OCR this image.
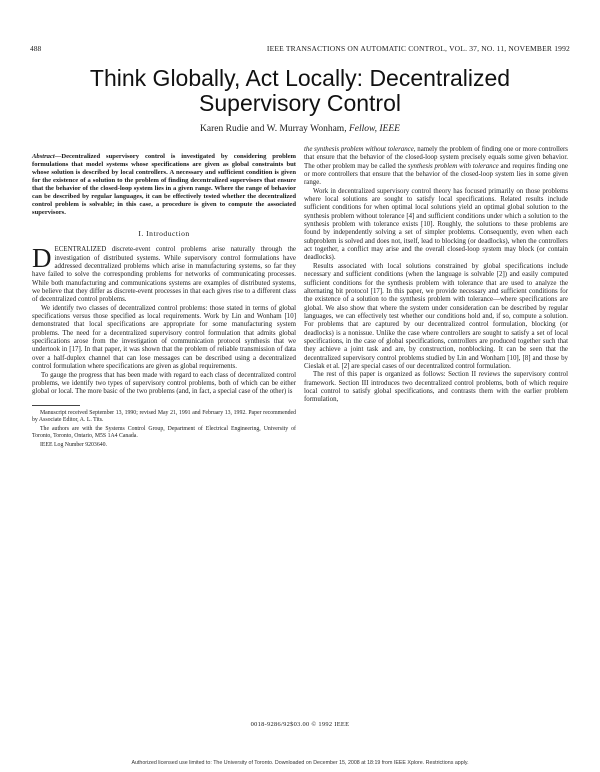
488	IEEE TRANSACTIONS ON AUTOMATIC CONTROL, VOL. 37, NO. 11, NOVEMBER 1992
Think Globally, Act Locally: Decentralized
Supervisory Control
Karen Rudie and W. Murray Wonham, Fellow, IEEE

Abstract—Decentralized supervisory control is investigated by considering problem formulations that model systems whose specifications are given as global constraints but whose solution is described by local controllers. A necessary and sufficient condition is given for the existence of a solution to the problem of finding decentralized supervisors that ensure that the behavior of the closed-loop system lies in a given range. Where the range of behavior can be described by regular languages, it can be effectively tested whether the decentralized control problem is solvable; in this case, a procedure is given to compute the associated supervisors.

I. Introduction

DECENTRALIZED discrete-event control problems arise naturally through the investigation of distributed systems. While supervisory control formulations have addressed decentralized problems which arise in manufacturing systems, so far they have failed to solve the corresponding problems for networks of communicating processes. While both manufacturing and communications systems are examples of distributed systems, we believe that they differ as discrete-event processes in that each gives rise to a different class of decentralized control problems.

We identify two classes of decentralized control problems: those stated in terms of global specifications versus those specified as local requirements. Work by Lin and Wonham [10] demonstrated that local specifications are appropriate for some manufacturing system problems. The need for a decentralized supervisory control formulation that admits global specifications arose from the investigation of communication protocol synthesis that we undertook in [17]. In that paper, it was shown that the problem of reliable transmission of data over a half-duplex channel that can lose messages can be described using a decentralized control formulation where specifications are given as global requirements.

To gauge the progress that has been made with regard to each class of decentralized control problems, we identify two types of supervisory control problems, both of which can be either global or local. The more basic of the two problems (and, in fact, a special case of the other) is

Manuscript received September 13, 1990; revised May 21, 1991 and February 13, 1992. Paper recommended by Associate Editor, A. L. Tits.

The authors are with the Systems Control Group, Department of Electrical Engineering, University of Toronto, Toronto, Ontario, M5S 1A4 Canada.

IEEE Log Number 9203640.

the synthesis problem without tolerance, namely the problem of finding one or more controllers that ensure that the behavior of the closed-loop system precisely equals some given behavior. The other problem may be called the synthesis problem with tolerance and requires finding one or more controllers that ensure that the behavior of the closed-loop system lies in some given range.

Work in decentralized supervisory control theory has focused primarily on those problems where local solutions are sought to satisfy local specifications. Related results include sufficient conditions for when optimal local solutions yield an optimal global solution to the synthesis problem without tolerance [4] and sufficient conditions under which a solution to the synthesis problem with tolerance exists [10]. Roughly, the solutions to these problems are found by independently solving a set of simpler problems. Consequently, even when each subproblem is solved and does not, itself, lead to blocking (or deadlocks), when the controllers act together, a conflict may arise and the overall closed-loop system may block (or contain deadlocks).

Results associated with local solutions constrained by global specifications include necessary and sufficient conditions (when the language is solvable [2]) and easily computed sufficient conditions for the synthesis problem with tolerance that are used to analyze the alternating bit protocol [17]. In this paper, we provide necessary and sufficient conditions for the existence of a solution to the synthesis problem with tolerance—where specifications are global. We also show that where the system under consideration can be described by regular languages, we can effectively test whether our conditions hold and, if so, compute a solution. For problems that are captured by our decentralized control formulation, blocking (or deadlocks) is a nonissue. Unlike the case where controllers are sought to satisfy a set of local specifications, in the case of global specifications, controllers are produced together such that they achieve a joint task and are, by construction, nonblocking. It can be seen that the decentralized supervisory control problems studied by Lin and Wonham [10], [8] and those by Cieslak et al. [2] are special cases of our decentralized control formulation.

The rest of this paper is organized as follows: Section II reviews the supervisory control framework. Section III introduces two decentralized control problems, both of which require local control to satisfy global specifications, and contrasts them with the earlier problem formulation,

0018-9286/92$03.00 © 1992 IEEE
Authorized licensed use limited to: The University of Toronto. Downloaded on December 15, 2008 at 18:19 from IEEE Xplore. Restrictions apply.
